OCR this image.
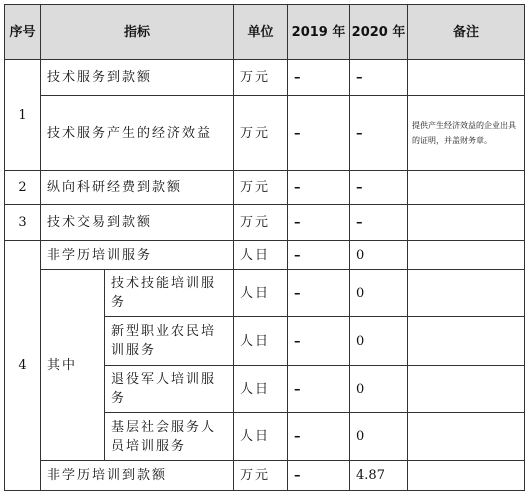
序号	指标		单位	2019 年	2020 年	备注
1	技术服务到款额		万元	–	–	
	技术服务产生的经济效益		万元	–	–	提供产生经济效益的企业出具的证明，并盖财务章。
2	纵向科研经费到款额		万元	–	–	
3	技术交易到款额		万元	–	–	
4	非学历培训服务		人日	–	0	
	其中	技术技能培训服务	人日	–	0	
		新型职业农民培训服务	人日	–	0	
		退役军人培训服务	人日	–	0	
		基层社会服务人员培训服务	人日	–	0	
	非学历培训到款额		万元	–	4.87	
